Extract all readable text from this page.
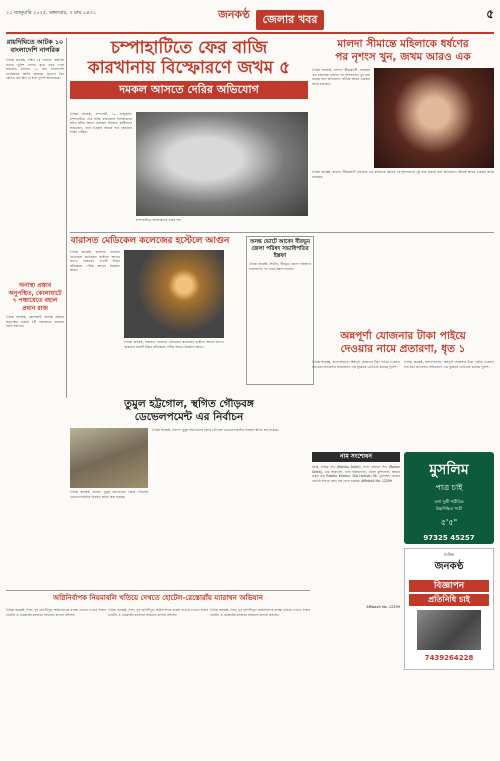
২১ জানুয়ারি ২০২৫, মঙ্গলবার, ৭ মাঘ ১৪৩১	জনকণ্ঠ	জেলার খবর	৫
রায়দিঘিতে আটক ১০ বাংলাদেশি নাগরিক
দৈনিক জনকণ্ঠ, দক্ষিণ ২৪ পরগনা: রায়দিঘি থানার পুলিশ গোপন সূত্রে খবর পেয়ে অভিযান চালিয়ে ১০ জন বাংলাদেশি নাগরিককে আটক করেছে। ধৃতদের বৈধ কোনও নথি ছিল না বলে পুলিশ জানিয়েছে।
চম্পাহাটিতে ফের বাজি
কারখানায় বিস্ফোরণে জখম ৫
দমকল আসতে দেরির অভিযোগ
দৈনিক জনকণ্ঠ, চম্পাহাটি, ২০ জানুয়ারি: চম্পাহাটিতে ফের বাজি কারখানায় বিস্ফোরণের ঘটনা ঘটল। আহত হয়েছেন পাঁচজন। স্থানীয়দের অভিযোগ, খবর দেওয়ার অনেক পরে দমকলের ইঞ্জিন পৌঁছয়।
চম্পাহাটিতে বিস্ফোরণের পরের দৃশ্য
মালদা সীমান্তে মহিলাকে ধর্ষণের
পর নৃশংস খুন, জখম আরও এক
দৈনিক জনকণ্ঠ, মালদা: সীমান্তবর্তী এলাকায় এক মহিলাকে ধর্ষণের পর নৃশংসভাবে খুন করা হয়েছে বলে অভিযোগ। ঘটনায় আরও একজন জখম হয়েছেন।
দৈনিক জনকণ্ঠ, মালদা: সীমান্তবর্তী এলাকায় এক মহিলাকে ধর্ষণের পর নৃশংসভাবে খুন করা হয়েছে বলে অভিযোগ। ঘটনায় আরও একজন জখম হয়েছেন।
বারাসত মেডিকেল কলেজের হস্টেলে আগুন
দৈনিক জনকণ্ঠ, বারাসত: বারাসত মেডিকেল কলেজের হস্টেলে আগুন লাগে। দমকলের তিনটি ইঞ্জিন ঘটনাস্থলে পৌঁছে আগুন নিয়ন্ত্রণে আনে।
দৈনিক জনকণ্ঠ, বারাসত: বারাসত মেডিকেল কলেজের হস্টেলে আগুন লাগে। দমকলের তিনটি ইঞ্জিন ঘটনাস্থলে পৌঁছে আগুন নিয়ন্ত্রণে আনে।
অনন্ত ভোটে আবেদ বীরভূম জেলা পরিষদ সভাধিপতির ইস্তফা
দৈনিক জনকণ্ঠ, সিউড়ি, বীরভূম: জেলা পরিষদের সভাধিপতি পদ থেকে ইস্তফা দিলেন।
অনাস্থা প্রস্তাব অনুপস্থিত, কোলাঘাটে ৭ পঞ্চায়েতে বহাল প্রধান রাজ
দৈনিক জনকণ্ঠ, কোলাঘাট: অনাস্থা প্রস্তাবে অনুপস্থিত থাকায় ৭টি পঞ্চায়েতে প্রধানরা বহাল রইলেন।
তুমুল হট্টগোল, স্থগিত গৌড়বঙ্গ
ডেভেলপমেন্ট এর নির্বাচন
দৈনিক জনকণ্ঠ, মালদা: তুমুল হট্টগোলের জেরে গৌড়বঙ্গ ডেভেলপমেন্টের নির্বাচন স্থগিত করা হয়েছে।
দৈনিক জনকণ্ঠ, মালদা: তুমুল হট্টগোলের জেরে গৌড়বঙ্গ ডেভেলপমেন্টের নির্বাচন স্থগিত করা হয়েছে।
অন্নপূর্ণা যোজনার টাকা পাইয়ে
দেওয়ার নামে প্রতারণা, ধৃত ১
দৈনিক জনকণ্ঠ, জলপাইগুড়ি: অন্নপূর্ণা যোজনার টাকা পাইয়ে দেওয়ার নাম করে প্রতারণার অভিযোগে এক যুবককে গ্রেফতার করেছে পুলিশ।
দৈনিক জনকণ্ঠ, জলপাইগুড়ি: অন্নপূর্ণা যোজনার টাকা পাইয়ে দেওয়ার নাম করে প্রতারণার অভিযোগে এক যুবককে গ্রেফতার করেছে পুলিশ।
মুসলিম
পাত্র চাই
ফর্সা সুশ্রী শারীরিক
উচ্চশিক্ষিত পাত্রী
৫'৫"
97325 45257
নাম সংশোধন
আমি, হাকিম শেখ (Rakibu Seikh), পিতা রোহেল শেখ (Rohen Seikh), গ্রাম আমতলা, থানা হরিহরপাড়া, জেলা মুর্শিদাবাদ। আমার প্রকৃত নাম Rakibu Khatun, D/o Hochen Sk. ভুলবশত কোনো কোনো নথিতে অন্য নাম লেখা হয়েছে। Affidavit No. 12299
Affidavit No. 12299
দৈনিক
জনকণ্ঠ
বিজ্ঞাপন
প্রতিনিধি চাই
7439264228
অগ্নিনির্বাপক নিয়মাবলি খতিয়ে দেখতে হোটেল-রেস্তোরাঁয় ম্যারাথন অভিযান
দৈনিক জনকণ্ঠ, দিঘা, পূর্ব মেদিনীপুর: অগ্নিনির্বাপক ব্যবস্থা খতিয়ে দেখতে দিঘার হোটেল ও রেস্তোরাঁয় ম্যারাথন অভিযান চালাল প্রশাসন।
দৈনিক জনকণ্ঠ, দিঘা, পূর্ব মেদিনীপুর: অগ্নিনির্বাপক ব্যবস্থা খতিয়ে দেখতে দিঘার হোটেল ও রেস্তোরাঁয় ম্যারাথন অভিযান চালাল প্রশাসন।
দৈনিক জনকণ্ঠ, দিঘা, পূর্ব মেদিনীপুর: অগ্নিনির্বাপক ব্যবস্থা খতিয়ে দেখতে দিঘার হোটেল ও রেস্তোরাঁয় ম্যারাথন অভিযান চালাল প্রশাসন।
